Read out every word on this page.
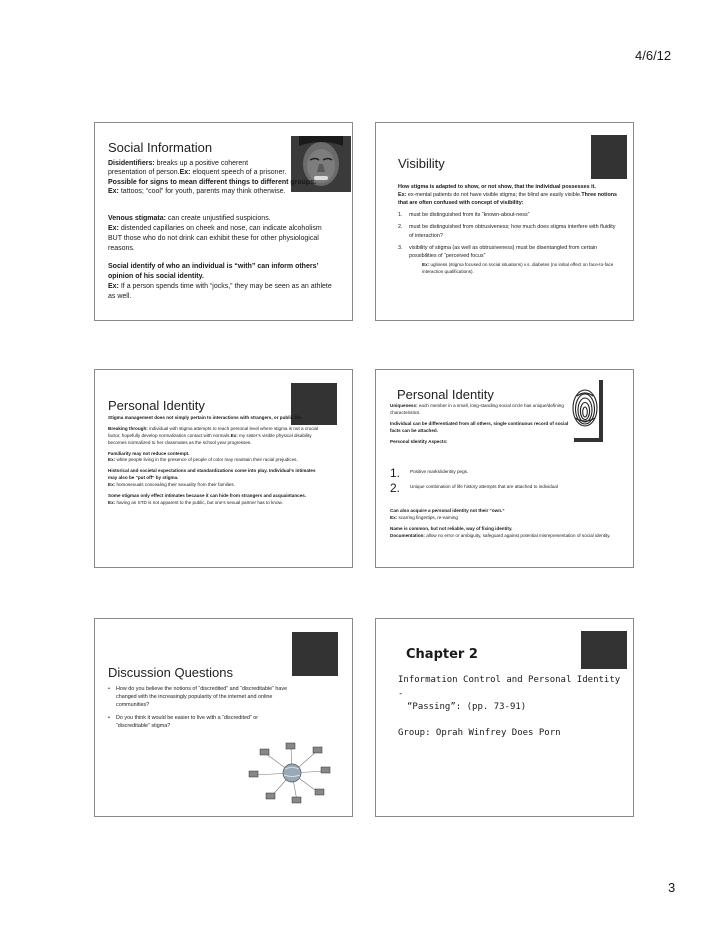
4/6/12
Social Information

Disidentifiers: breaks up a positive coherent
presentation of person.Ex: eloquent speech of a prisoner.

Possible for signs to mean different things to different groups.

Ex: tattoos; “cool” for youth, parents may think otherwise.

Venous stigmata: can create unjustified suspicions.

Ex: distended capillaries on cheek and nose, can indicate alcoholism BUT those who do not drink can exhibit these for other physiological reasons.

Social identify of who an individual is “with” can inform others’ opinion of his social identity.

Ex: If a person spends time with “jocks,” they may be seen as an athlete as well.

Visibility

How stigma is adapted to show, or not show, that the individual possesses it.

Ex: ex-mental patients do not have visible stigma; the blind are easily visible.Three notions that are often confused with concept of visibility:

1.	must be distinguished from its “known-about-ness”
2.	must be distinguished from obtrusiveness; how much does stigma interfere with fluidity of interaction?
3.	visibility of stigma (as well as obtrusiveness) must be disentangled from certain possibilities of “perceived focus”
Ex: ugliness (stigma focused on social situations) v.s. diabetes (no initial effect on face-to-face interaction qualifications).
Personal Identity

Stigma management does not simply pertain to interactions with strangers, or public life.

Breaking through: individual with stigma attempts to reach personal level where stigma is not a crucial factor, hopefully develop normalization contact with normals.Ex: my sister’s visible physical disability becomes normalized to her classmates as the school year progresses.

Familiarity may not reduce contempt.
Ex: white people living in the presence of people of color may maintain their racial prejudices.

Historical and societal expectations and standardizations come into play. Individual’s intimates may also be “put off” by stigma.
Ex: homosexuals concealing their sexuality from their families.

Some stigmas only effect intimates because it can hide from strangers and acquaintances.
Ex: having an STD is not apparent to the public, but one’s sexual partner has to know.

Personal Identity

Uniqueness: each member in a small, long-standing social circle has unique/defining characteristics.

Individual can be differentiated from all others, single continuous record of social facts can be attached.

Personal Identity Aspects:

1.	Positive marks/identity pegs.
2.	Unique combination of life history attempts that are attached to individual

Can also acquire a personal identity not their “own.”
Ex: scarring fingertips, re-naming

Name is common, but not reliable, way of fixing identity.
Documentation: allow no error or ambiguity, safeguard against potential misrepresentation of social identity.

Discussion Questions
•	How do you believe the notions of “discredited” and “discreditable” have changed with the increasingly popularity of the internet and online communities?
•	Do you think it would be easier to live with a “discredited” or “discreditable” stigma?
Chapter 2
Information Control and Personal Identity -
“Passing”: (pp. 73-91)
Group: Oprah Winfrey Does Porn
3
